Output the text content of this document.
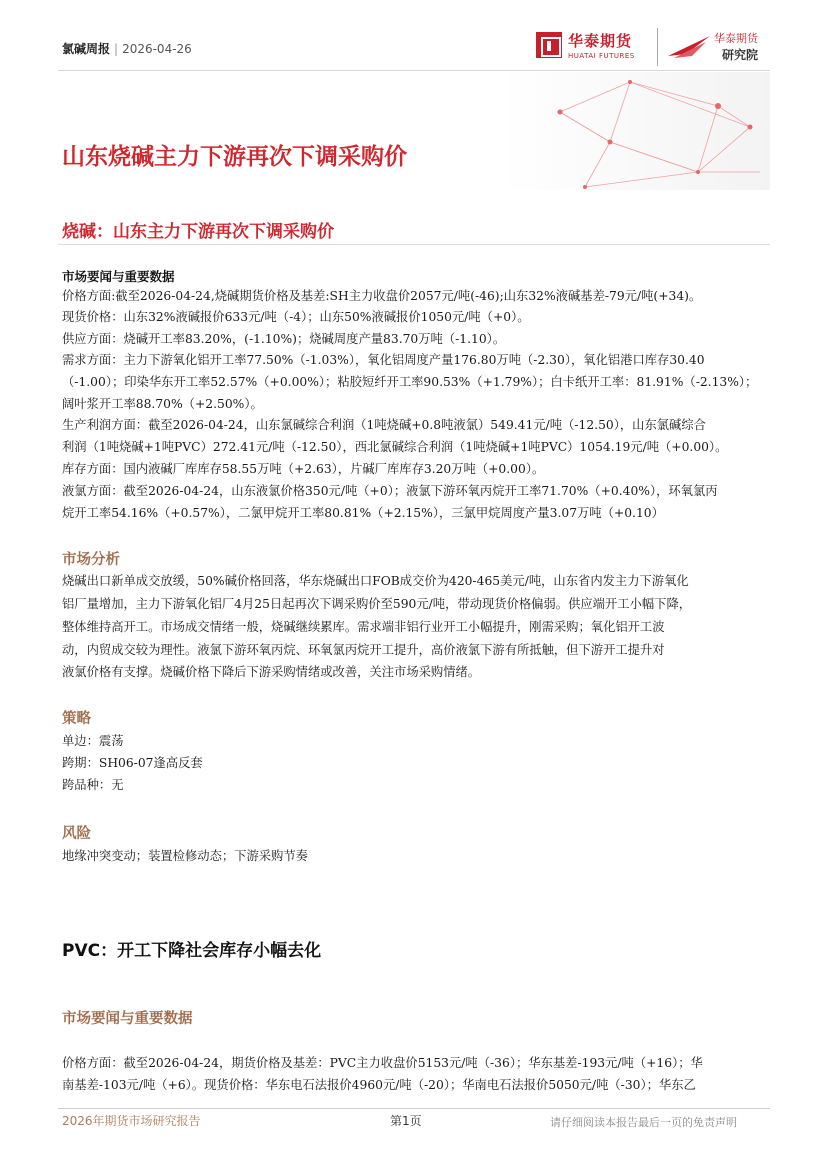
氯碱周报 | 2026-04-26	华泰期货
HUATAI FUTURES
华泰期货
研究院
山东烧碱主力下游再次下调采购价
烧碱：山东主力下游再次下调采购价
市场要闻与重要数据
价格方面:截至2026-04-24,烧碱期货价格及基差:SH主力收盘价2057元/吨(-46);山东32%液碱基差-79元/吨(+34)。
现货价格：山东32%液碱报价633元/吨（-4）；山东50%液碱报价1050元/吨（+0）。
供应方面：烧碱开工率83.20%，(-1.10%)；烧碱周度产量83.70万吨（-1.10）。
需求方面：主力下游氧化铝开工率77.50%（-1.03%），氧化铝周度产量176.80万吨（-2.30），氧化铝港口库存30.40
（-1.00）；印染华东开工率52.57%（+0.00%）；粘胶短纤开工率90.53%（+1.79%）；白卡纸开工率：81.91%（-2.13%）；
阔叶浆开工率88.70%（+2.50%）。
生产利润方面：截至2026-04-24，山东氯碱综合利润（1吨烧碱+0.8吨液氯）549.41元/吨（-12.50），山东氯碱综合
利润（1吨烧碱+1吨PVC）272.41元/吨（-12.50），西北氯碱综合利润（1吨烧碱+1吨PVC）1054.19元/吨（+0.00）。
库存方面：国内液碱厂库库存58.55万吨（+2.63），片碱厂库库存3.20万吨（+0.00）。
液氯方面：截至2026-04-24，山东液氯价格350元/吨（+0）；液氯下游环氧丙烷开工率71.70%（+0.40%），环氧氯丙
烷开工率54.16%（+0.57%），二氯甲烷开工率80.81%（+2.15%），三氯甲烷周度产量3.07万吨（+0.10）
市场分析
烧碱出口新单成交放缓，50%碱价格回落，华东烧碱出口FOB成交价为420-465美元/吨，山东省内发主力下游氧化
铝厂量增加，主力下游氧化铝厂4月25日起再次下调采购价至590元/吨，带动现货价格偏弱。供应端开工小幅下降，
整体维持高开工。市场成交情绪一般，烧碱继续累库。需求端非铝行业开工小幅提升，刚需采购；氧化铝开工波
动，内贸成交较为理性。液氯下游环氧丙烷、环氧氯丙烷开工提升，高价液氯下游有所抵触，但下游开工提升对
液氯价格有支撑。烧碱价格下降后下游采购情绪或改善，关注市场采购情绪。
策略
单边：震荡
跨期：SH06-07逢高反套
跨品种：无
风险
地缘冲突变动；装置检修动态；下游采购节奏
PVC：开工下降社会库存小幅去化
市场要闻与重要数据
价格方面：截至2026-04-24，期货价格及基差：PVC主力收盘价5153元/吨（-36）；华东基差-193元/吨（+16）；华
南基差-103元/吨（+6）。现货价格：华东电石法报价4960元/吨（-20）；华南电石法报价5050元/吨（-30）；华东乙
2026年期货市场研究报告	第1页	请仔细阅读本报告最后一页的免责声明
